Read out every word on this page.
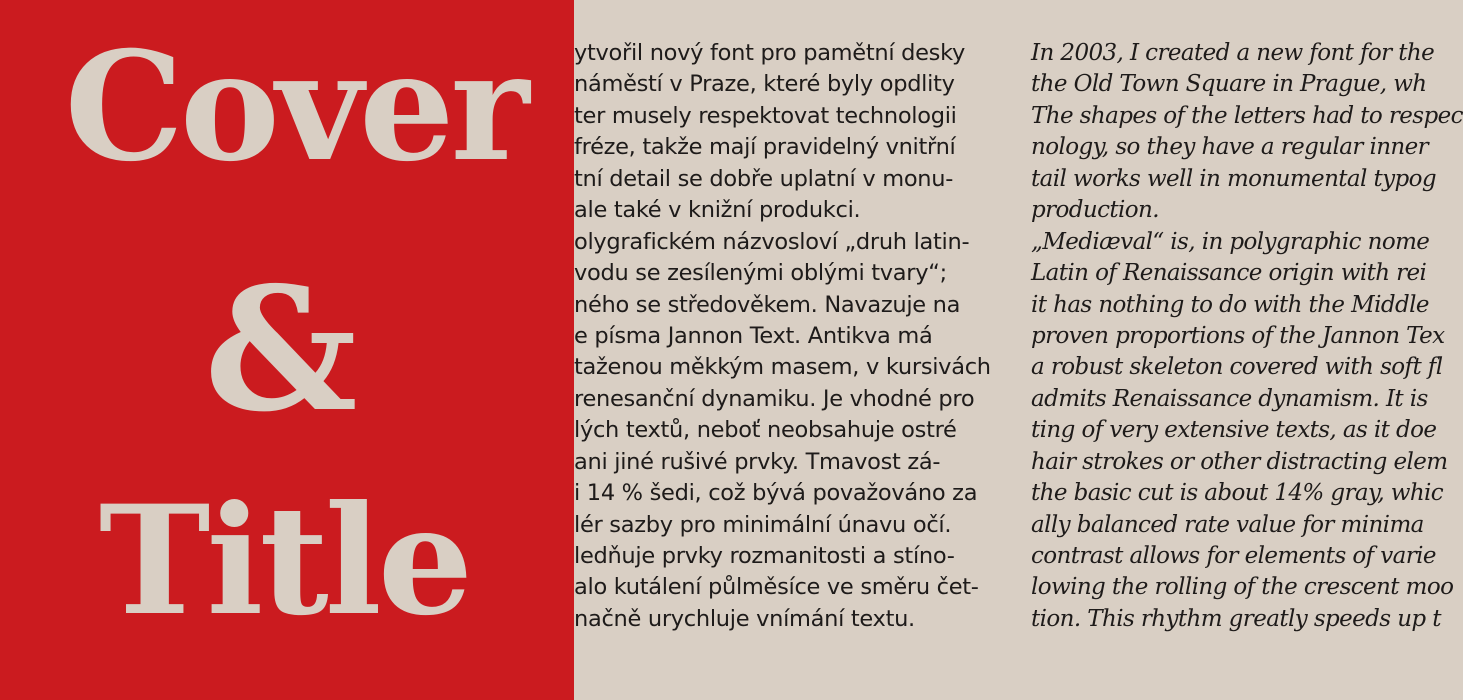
Cover
&
Title
ytvořil nový font pro pamětní desky
náměstí v Praze, které byly opdlity
ter musely respektovat technologii
fréze, takže mají pravidelný vnitřní
tní detail se dobře uplatní v monu-
ale také v knižní produkci.
olygrafickém názvosloví „druh latin-
vodu se zesílenými oblými tvary“;
ného se středověkem. Navazuje na
e písma Jannon Text. Antikva má
taženou měkkým masem, v kursivách
renesanční dynamiku. Je vhodné pro
lých textů, neboť neobsahuje ostré
ani jiné rušivé prvky. Tmavost zá-
i 14 % šedi, což bývá považováno za
lér sazby pro minimální únavu očí.
ledňuje prvky rozmanitosti a stíno-
alo kutálení půlměsíce ve směru čet-
načně urychluje vnímání textu.
In 2003, I created a new font for the
the Old Town Square in Prague, wh
The shapes of the letters had to respec
nology, so they have a regular inner
tail works well in monumental typog
production.
„Mediæval“ is, in polygraphic nome
Latin of Renaissance origin with rei
it has nothing to do with the Middle
proven proportions of the Jannon Tex
a robust skeleton covered with soft fl
admits Renaissance dynamism. It is
ting of very extensive texts, as it doe
hair strokes or other distracting elem
the basic cut is about 14% gray, whic
ally balanced rate value for minima
contrast allows for elements of varie
lowing the rolling of the crescent moo
tion. This rhythm greatly speeds up t
